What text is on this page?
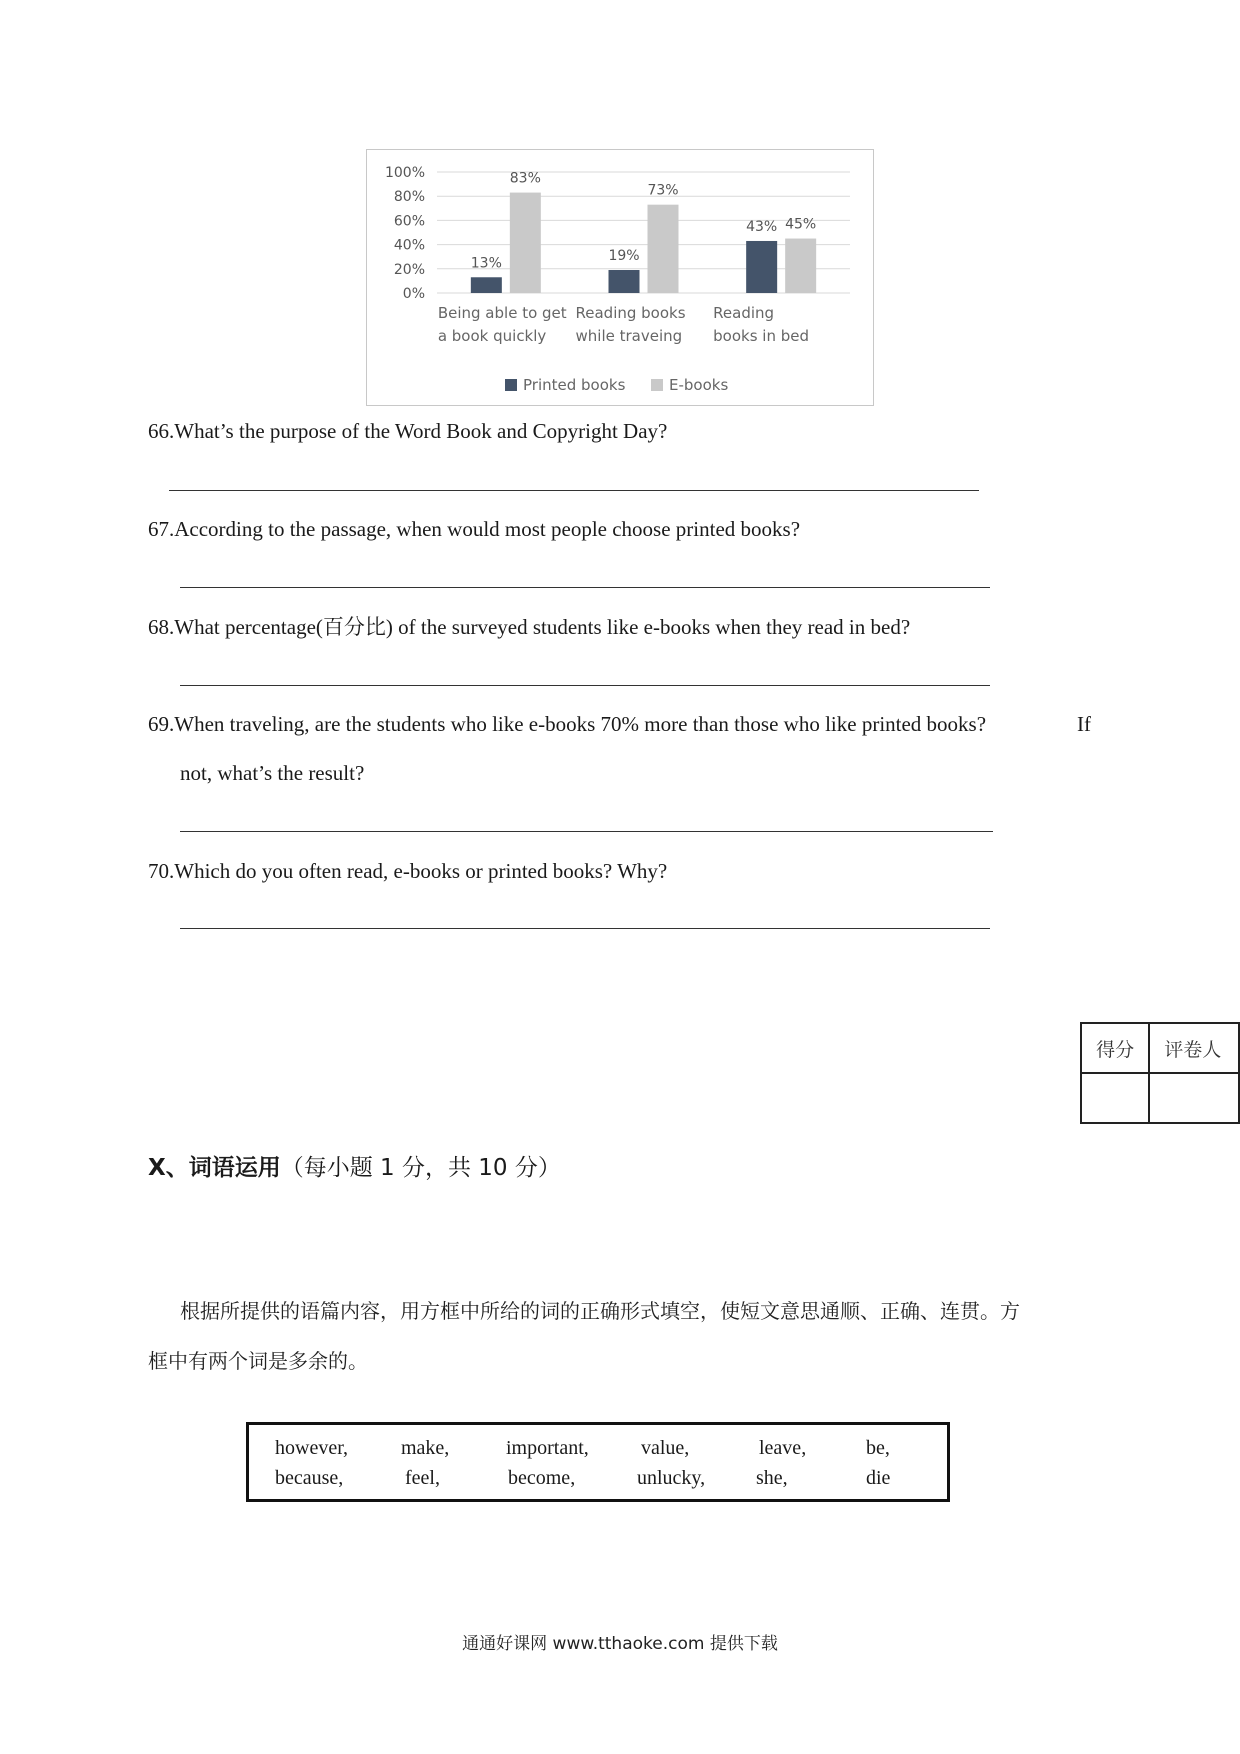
100%
80%
60%
40%
20%
0%
13%
83%
Being able to get a book quickly
19%
73%
Reading books while traveing
43% 45%
Reading books in bed
Printed books	E-books
66.What’s the purpose of the Word Book and Copyright Day?
67.According to the passage, when would most people choose printed books?
68.What percentage(百分比) of the surveyed students like e-books when they read in bed?
69.When traveling, are the students who like e-books 70% more than those who like printed books?	If
not, what’s the result?
70.Which do you often read, e-books or printed books? Why?
得分	评卷人

X、词语运用（每小题 1 分，共 10 分）
根据所提供的语篇内容，用方框中所给的词的正确形式填空，使短文意思通顺、正确、连贯。方
框中有两个词是多余的。
however,	make,	important,	value,	leave,	be,
because,	feel,	become,	unlucky,	she,	die
通通好课网 www.tthaoke.com 提供下载
